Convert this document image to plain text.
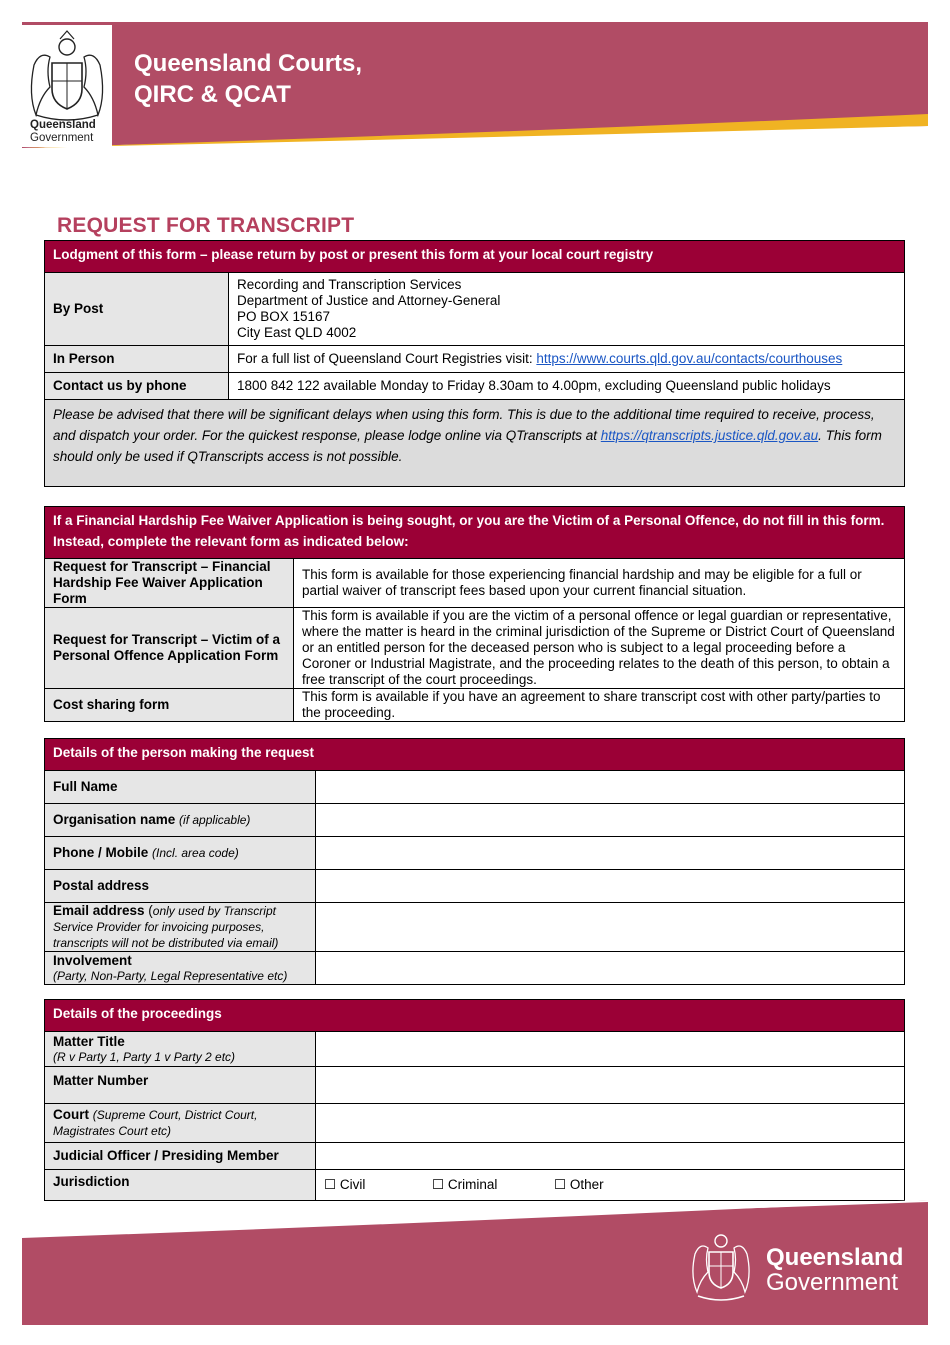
Queensland
Government
Queensland Courts,
QIRC & QCAT
REQUEST FOR TRANSCRIPT
Lodgment of this form – please return by post or present this form at your local court registry	
By Post	Recording and Transcription Services
Department of Justice and Attorney-General
PO BOX 15167
City East QLD 4002

In Person	For a full list of Queensland Court Registries visit: https://www.courts.qld.gov.au/contacts/courthouses
Contact us by phone	1800 842 122 available Monday to Friday 8.30am to 4.00pm, excluding Queensland public holidays
Please be advised that there will be significant delays when using this form. This is due to the additional time required to receive, process, and dispatch your order. For the quickest response, please lodge online via QTranscripts at https://qtranscripts.justice.qld.gov.au. This form should only be used if QTranscripts access is not possible.	
If a Financial Hardship Fee Waiver Application is being sought, or you are the Victim of a Personal Offence, do not fill in this form. Instead, complete the relevant form as indicated below:	
Request for Transcript – Financial Hardship Fee Waiver Application Form	This form is available for those experiencing financial hardship and may be eligible for a full or partial waiver of transcript fees based upon your current financial situation.
Request for Transcript – Victim of a Personal Offence Application Form	This form is available if you are the victim of a personal offence or legal guardian or representative, where the matter is heard in the criminal jurisdiction of the Supreme or District Court of Queensland or an entitled person for the deceased person who is subject to a legal proceeding before a Coroner or Industrial Magistrate, and the proceeding relates to the death of this person, to obtain a free transcript of the court proceedings.
Cost sharing form	This form is available if you have an agreement to share transcript cost with other party/parties to the proceeding.
Details of the person making the request	
Full Name	
Organisation name (if applicable)	
Phone / Mobile (Incl. area code)	
Postal address	
Email address (only used by Transcript Service Provider for invoicing purposes, transcripts will not be distributed via email)	

Involvement
(Party, Non-Party, Legal Representative etc)	

Details of the proceedings	

Matter Title
(R v Party 1, Party 1 v Party 2 etc)	

Matter Number	
Court (Supreme Court, District Court, Magistrates Court etc)	
Judicial Officer / Presiding Member	
Jurisdiction	☐ Civil ☐ Criminal ☐ Other
Queensland
Government
